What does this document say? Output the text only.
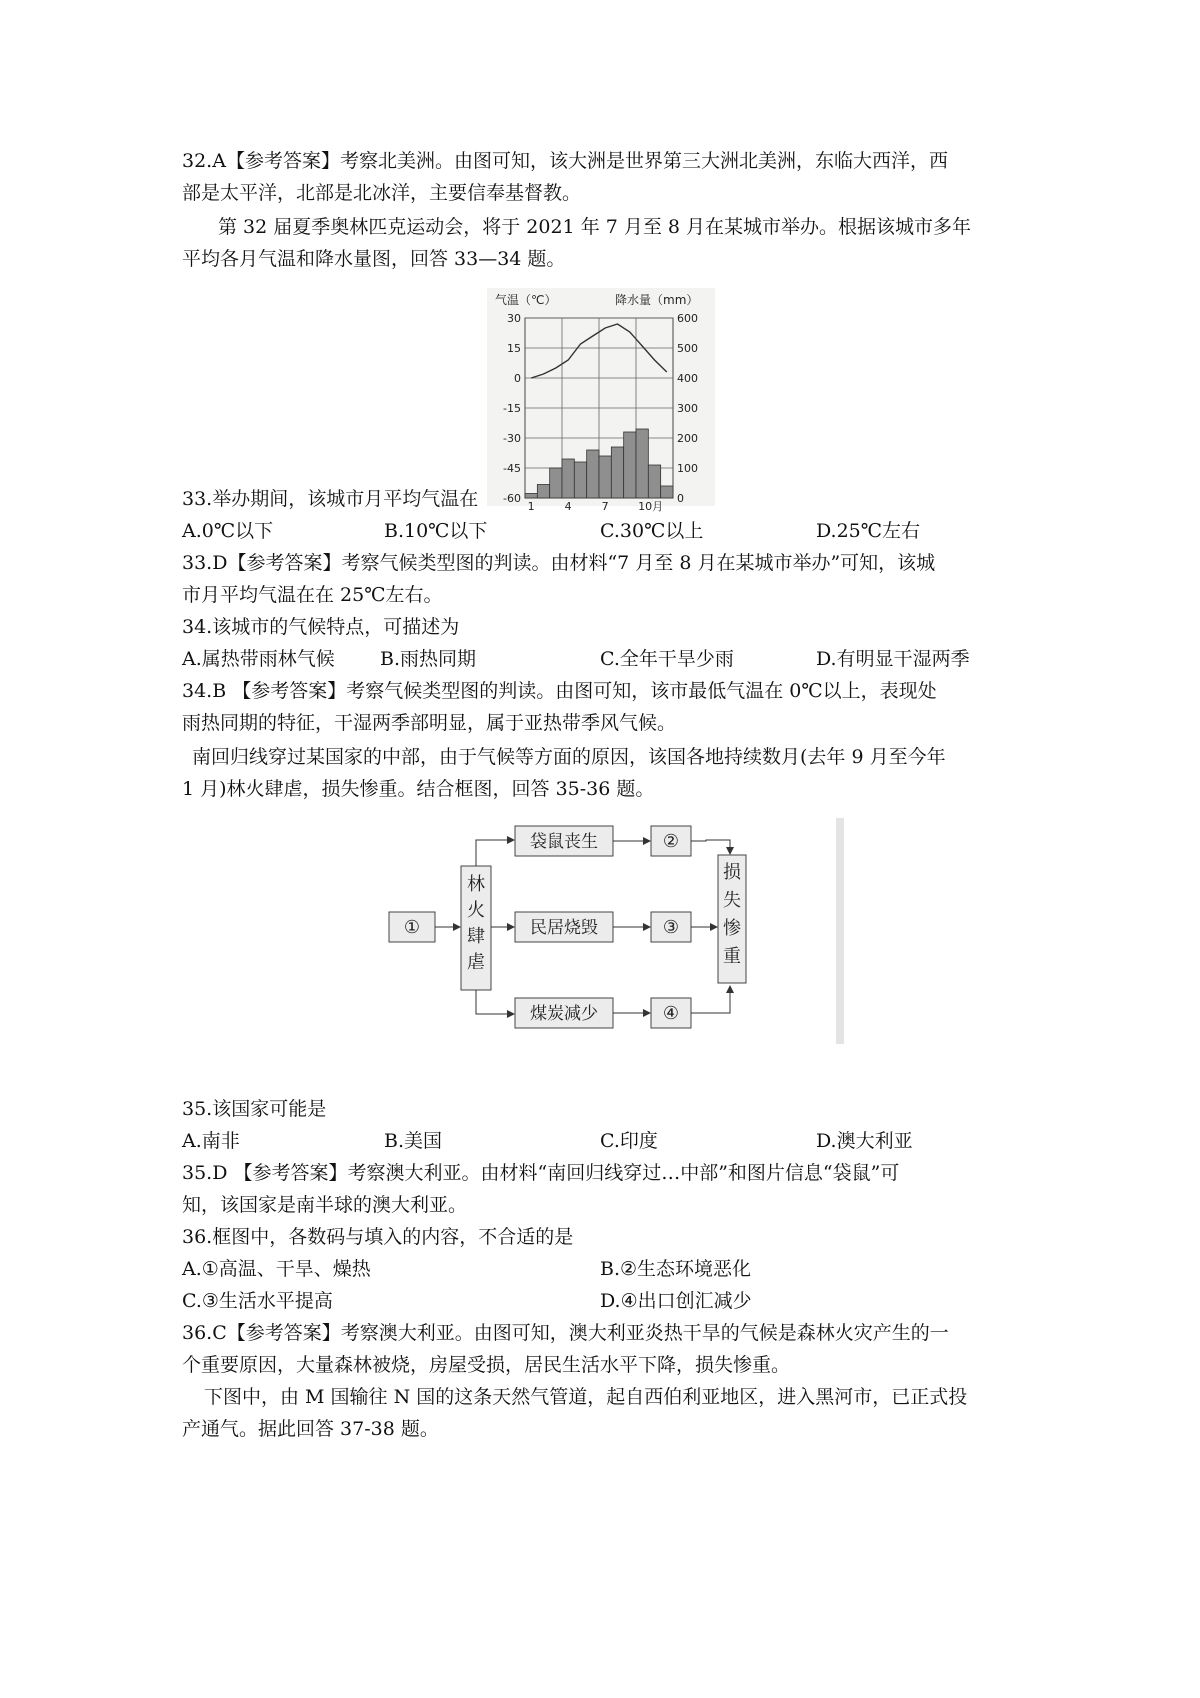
32.A【参考答案】考察北美洲。由图可知，该大洲是世界第三大洲北美洲，东临大西洋，西
部是太平洋，北部是北冰洋，主要信奉基督教。
第 32 届夏季奥林匹克运动会，将于 2021 年 7 月至 8 月在某城市举办。根据该城市多年
平均各月气温和降水量图，回答 33—34 题。
气温（℃）	降水量（mm）
30
15
0
-15
-30
-45
-60
600
500
400
300
200
100
0
1	4	7	10月
33.举办期间，该城市月平均气温在
A.0℃以下	B.10℃以下	C.30℃以上	D.25℃左右
33.D【参考答案】考察气候类型图的判读。由材料“7 月至 8 月在某城市举办”可知，该城
市月平均气温在在 25℃左右。
34.该城市的气候特点，可描述为
A.属热带雨林气候 B.雨热同期	C.全年干旱少雨	D.有明显干湿两季
34.B 【参考答案】考察气候类型图的判读。由图可知，该市最低气温在 0℃以上，表现处
雨热同期的特征，干湿两季部明显，属于亚热带季风气候。
南回归线穿过某国家的中部，由于气候等方面的原因，该国各地持续数月(去年 9 月至今年
1 月)林火肆虐，损失惨重。结合框图，回答 35-36 题。
①
林
火
肆
虐
袋鼠丧生
民居烧毁
煤炭减少
②
③
④
损
失
惨
重
35.该国家可能是
A.南非	B.美国	C.印度	D.澳大利亚
35.D 【参考答案】考察澳大利亚。由材料“南回归线穿过…中部”和图片信息“袋鼠”可
知，该国家是南半球的澳大利亚。
36.框图中，各数码与填入的内容，不合适的是
A.①高温、干旱、燥热	B.②生态环境恶化
C.③生活水平提高	D.④出口创汇减少
36.C【参考答案】考察澳大利亚。由图可知，澳大利亚炎热干旱的气候是森林火灾产生的一
个重要原因，大量森林被烧，房屋受损，居民生活水平下降，损失惨重。
下图中，由 M 国输往 N 国的这条天然气管道，起自西伯利亚地区，进入黑河市，已正式投
产通气。据此回答 37-38 题。
